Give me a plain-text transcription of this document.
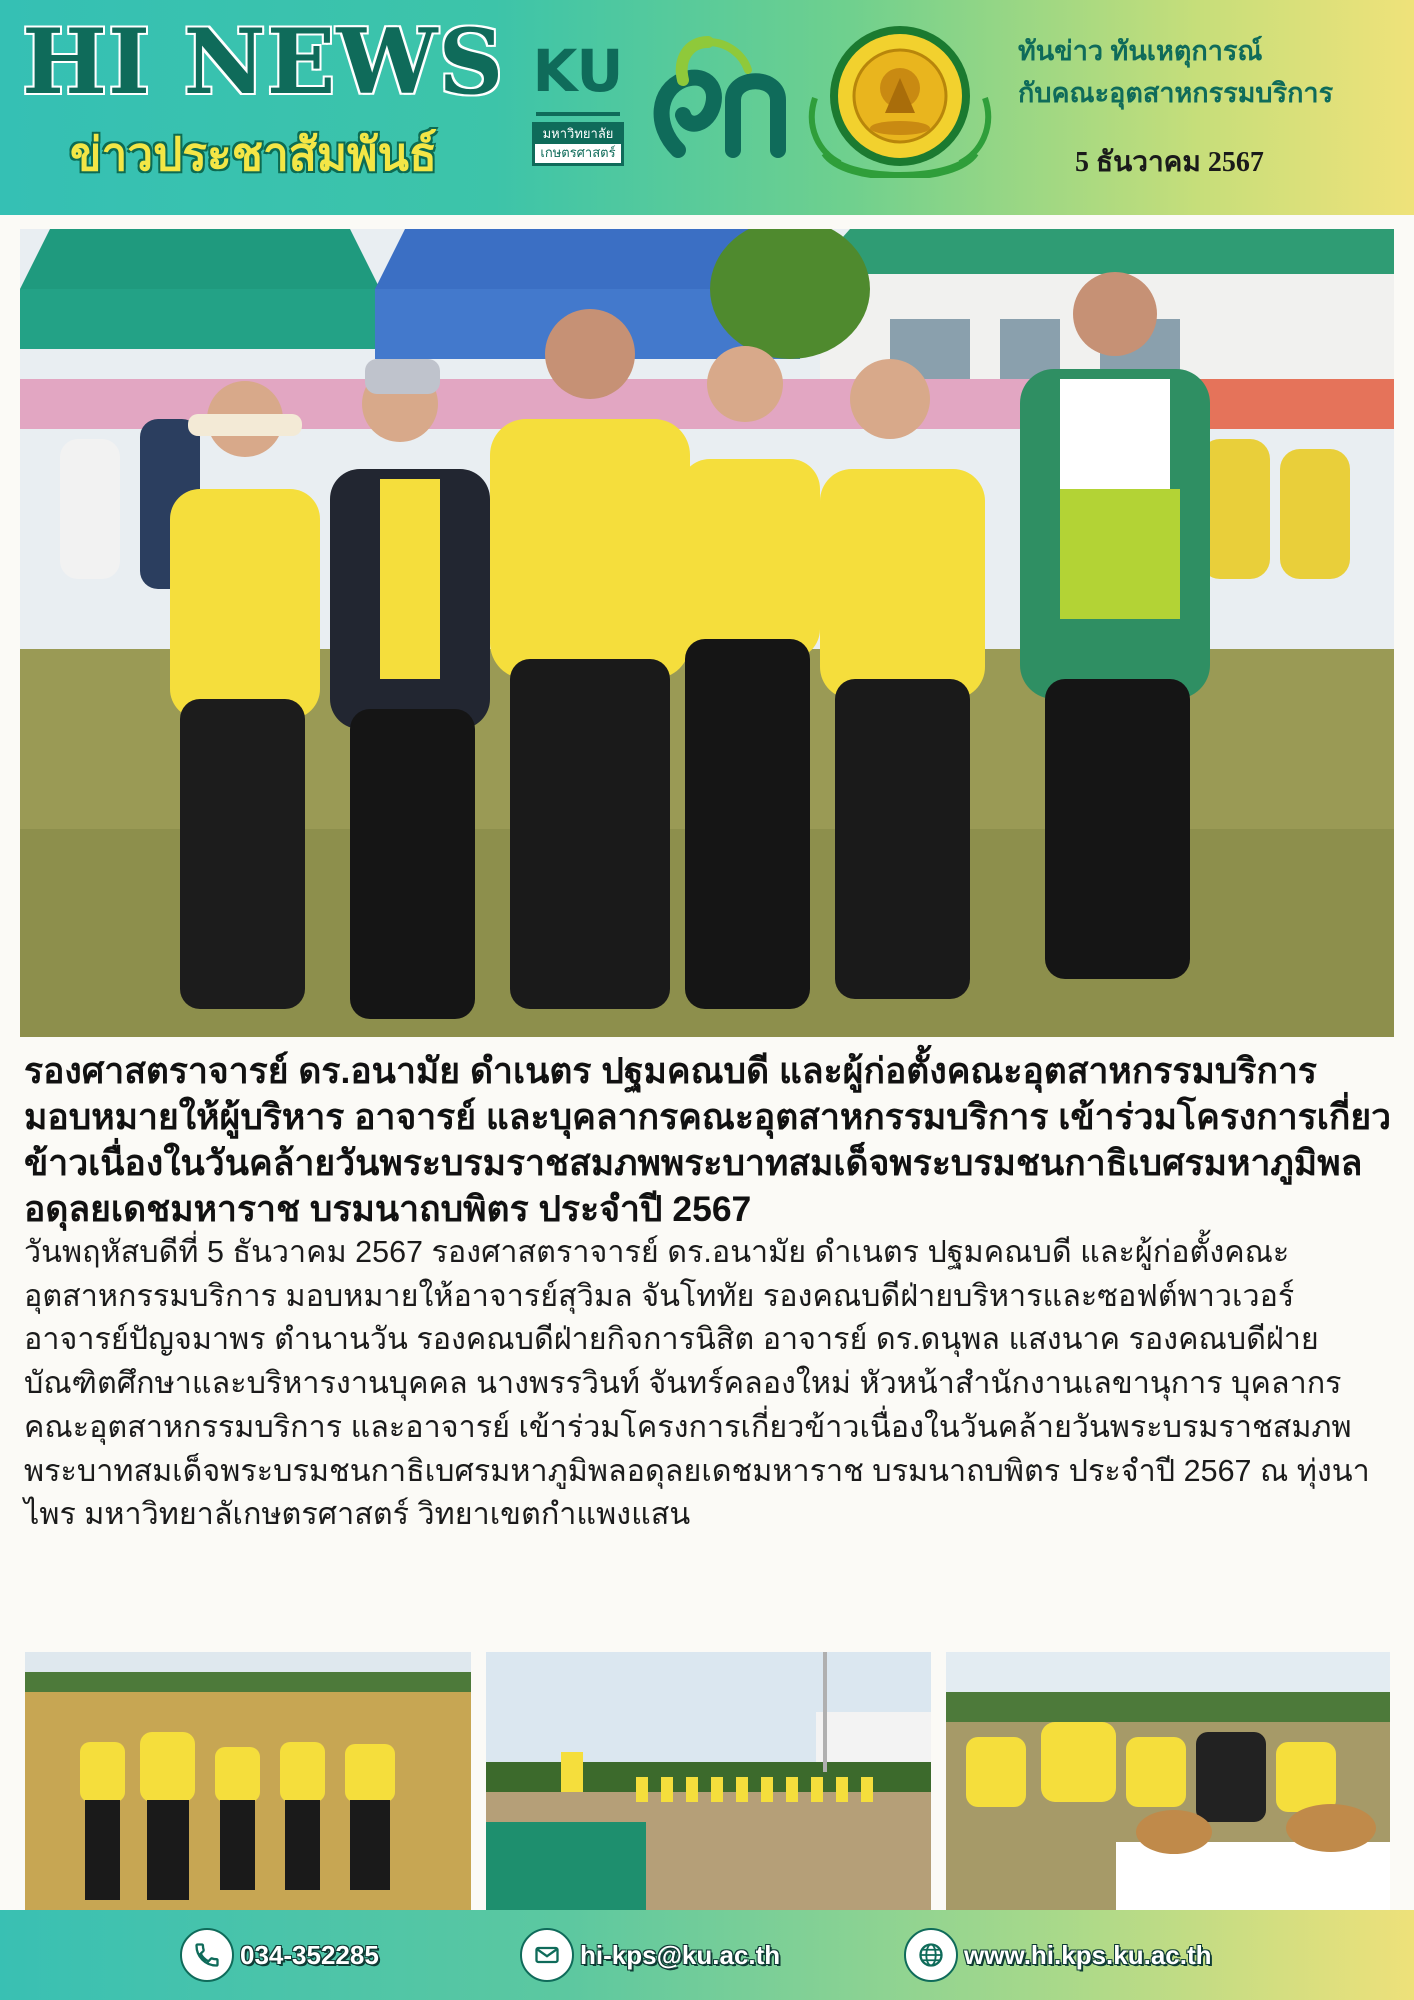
HI NEWS
ข่าวประชาสัมพันธ์
KU
มหาวิทยาลัย
เกษตรศาสตร์
๘๐
ทันข่าว ทันเหตุการณ์
กับคณะอุตสาหกรรมบริการ
5 ธันวาคม 2567
รองศาสตราจารย์ ดร.อนามัย ดำเนตร ปฐมคณบดี และผู้ก่อตั้งคณะอุตสาหกรรมบริการ มอบหมายให้ผู้บริหาร อาจารย์ และบุคลากรคณะอุตสาหกรรมบริการ เข้าร่วมโครงการเกี่ยวข้าวเนื่องในวันคล้ายวันพระบรมราชสมภพพระบาทสมเด็จพระบรมชนกาธิเบศรมหาภูมิพลอดุลยเดชมหาราช บรมนาถบพิตร ประจำปี 2567

วันพฤหัสบดีที่ 5 ธันวาคม 2567 รองศาสตราจารย์ ดร.อนามัย ดำเนตร ปฐมคณบดี และผู้ก่อตั้งคณะอุตสาหกรรมบริการ มอบหมายให้อาจารย์สุวิมล จันโททัย รองคณบดีฝ่ายบริหารและซอฟต์พาวเวอร์ อาจารย์ปัญจมาพร ตำนานวัน รองคณบดีฝ่ายกิจการนิสิต อาจารย์ ดร.ดนุพล แสงนาค รองคณบดีฝ่ายบัณฑิตศึกษาและบริหารงานบุคคล นางพรรวินท์ จันทร์คลองใหม่ หัวหน้าสำนักงานเลขานุการ บุคลากรคณะอุตสาหกรรมบริการ และอาจารย์ เข้าร่วมโครงการเกี่ยวข้าวเนื่องในวันคล้ายวันพระบรมราชสมภพพระบาทสมเด็จพระบรมชนกาธิเบศรมหาภูมิพลอดุลยเดชมหาราช บรมนาถบพิตร ประจำปี 2567 ณ ทุ่งนาไพร มหาวิทยาลัเกษตรศาสตร์ วิทยาเขตกำแพงแสน

034-352285	hi-kps@ku.ac.th	www.hi.kps.ku.ac.th
